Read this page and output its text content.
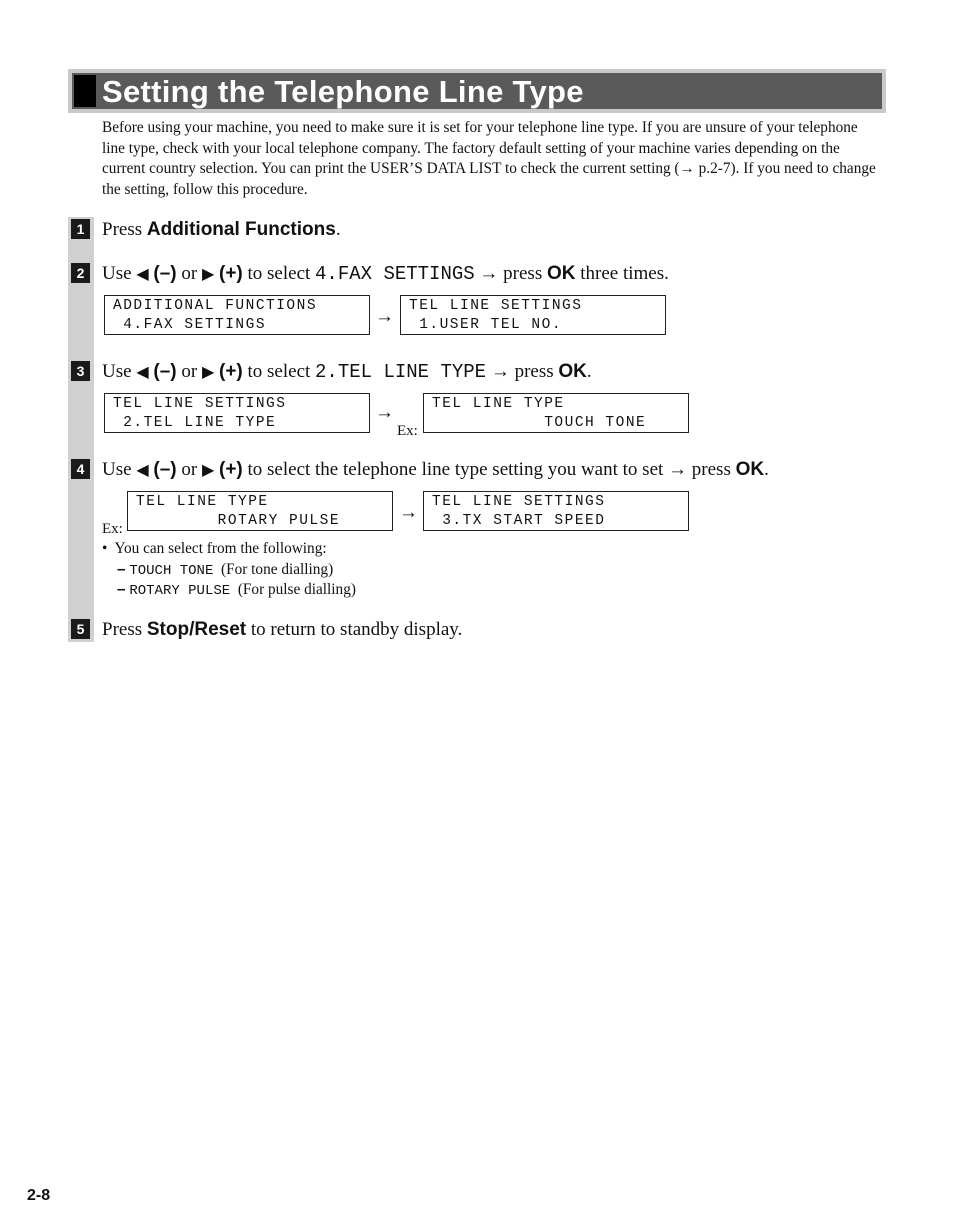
Setting the Telephone Line Type

Before using your machine, you need to make sure it is set for your telephone line type. If you are unsure of your telephone line type, check with your local telephone company. The factory default setting of your machine varies depending on the current country selection. You can print the USER’S DATA LIST to check the current setting (→ p.2-7). If you need to change the setting, follow this procedure.

1 Press Additional Functions.
2 Use ◀ (–) or ▶ (+) to select 4.FAX SETTINGS → press OK three times.
ADDITIONAL FUNCTIONS
4.FAX SETTINGS	→ TEL LINE SETTINGS
1.USER TEL NO.
3 Use ◀ (–) or ▶ (+) to select 2.TEL LINE TYPE → press OK.
TEL LINE SETTINGS
2.TEL LINE TYPE	→
Ex:
TEL LINE TYPE
TOUCH TONE
4 Use ◀ (–) or ▶ (+) to select the telephone line type setting you want to set → press OK.
Ex:
TEL LINE TYPE
ROTARY PULSE	→ TEL LINE SETTINGS
3.TX START SPEED
• You can select from the following:
– TOUCH TONE (For tone dialling)
– ROTARY PULSE (For pulse dialling)
5 Press Stop/Reset to return to standby display.
2-8
